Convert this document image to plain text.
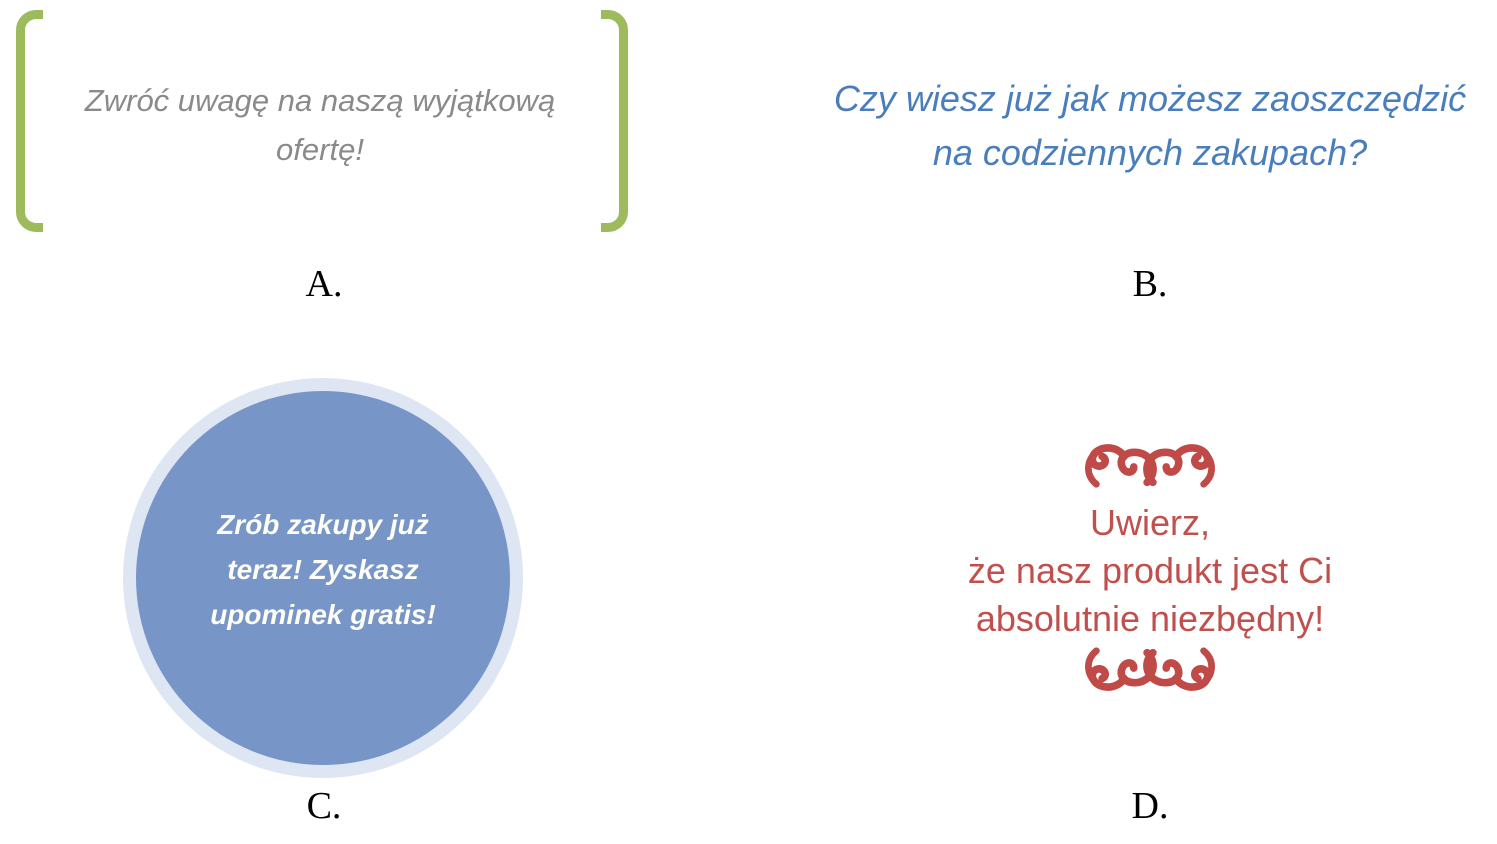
Zwróć uwagę na naszą wyjątkową
ofertę!
A.
Czy wiesz już jak możesz zaoszczędzić
na codziennych zakupach?
B.
Zrób zakupy już
teraz! Zyskasz
upominek gratis!
C.
Uwierz,
że nasz produkt jest Ci
absolutnie niezbędny!
D.
